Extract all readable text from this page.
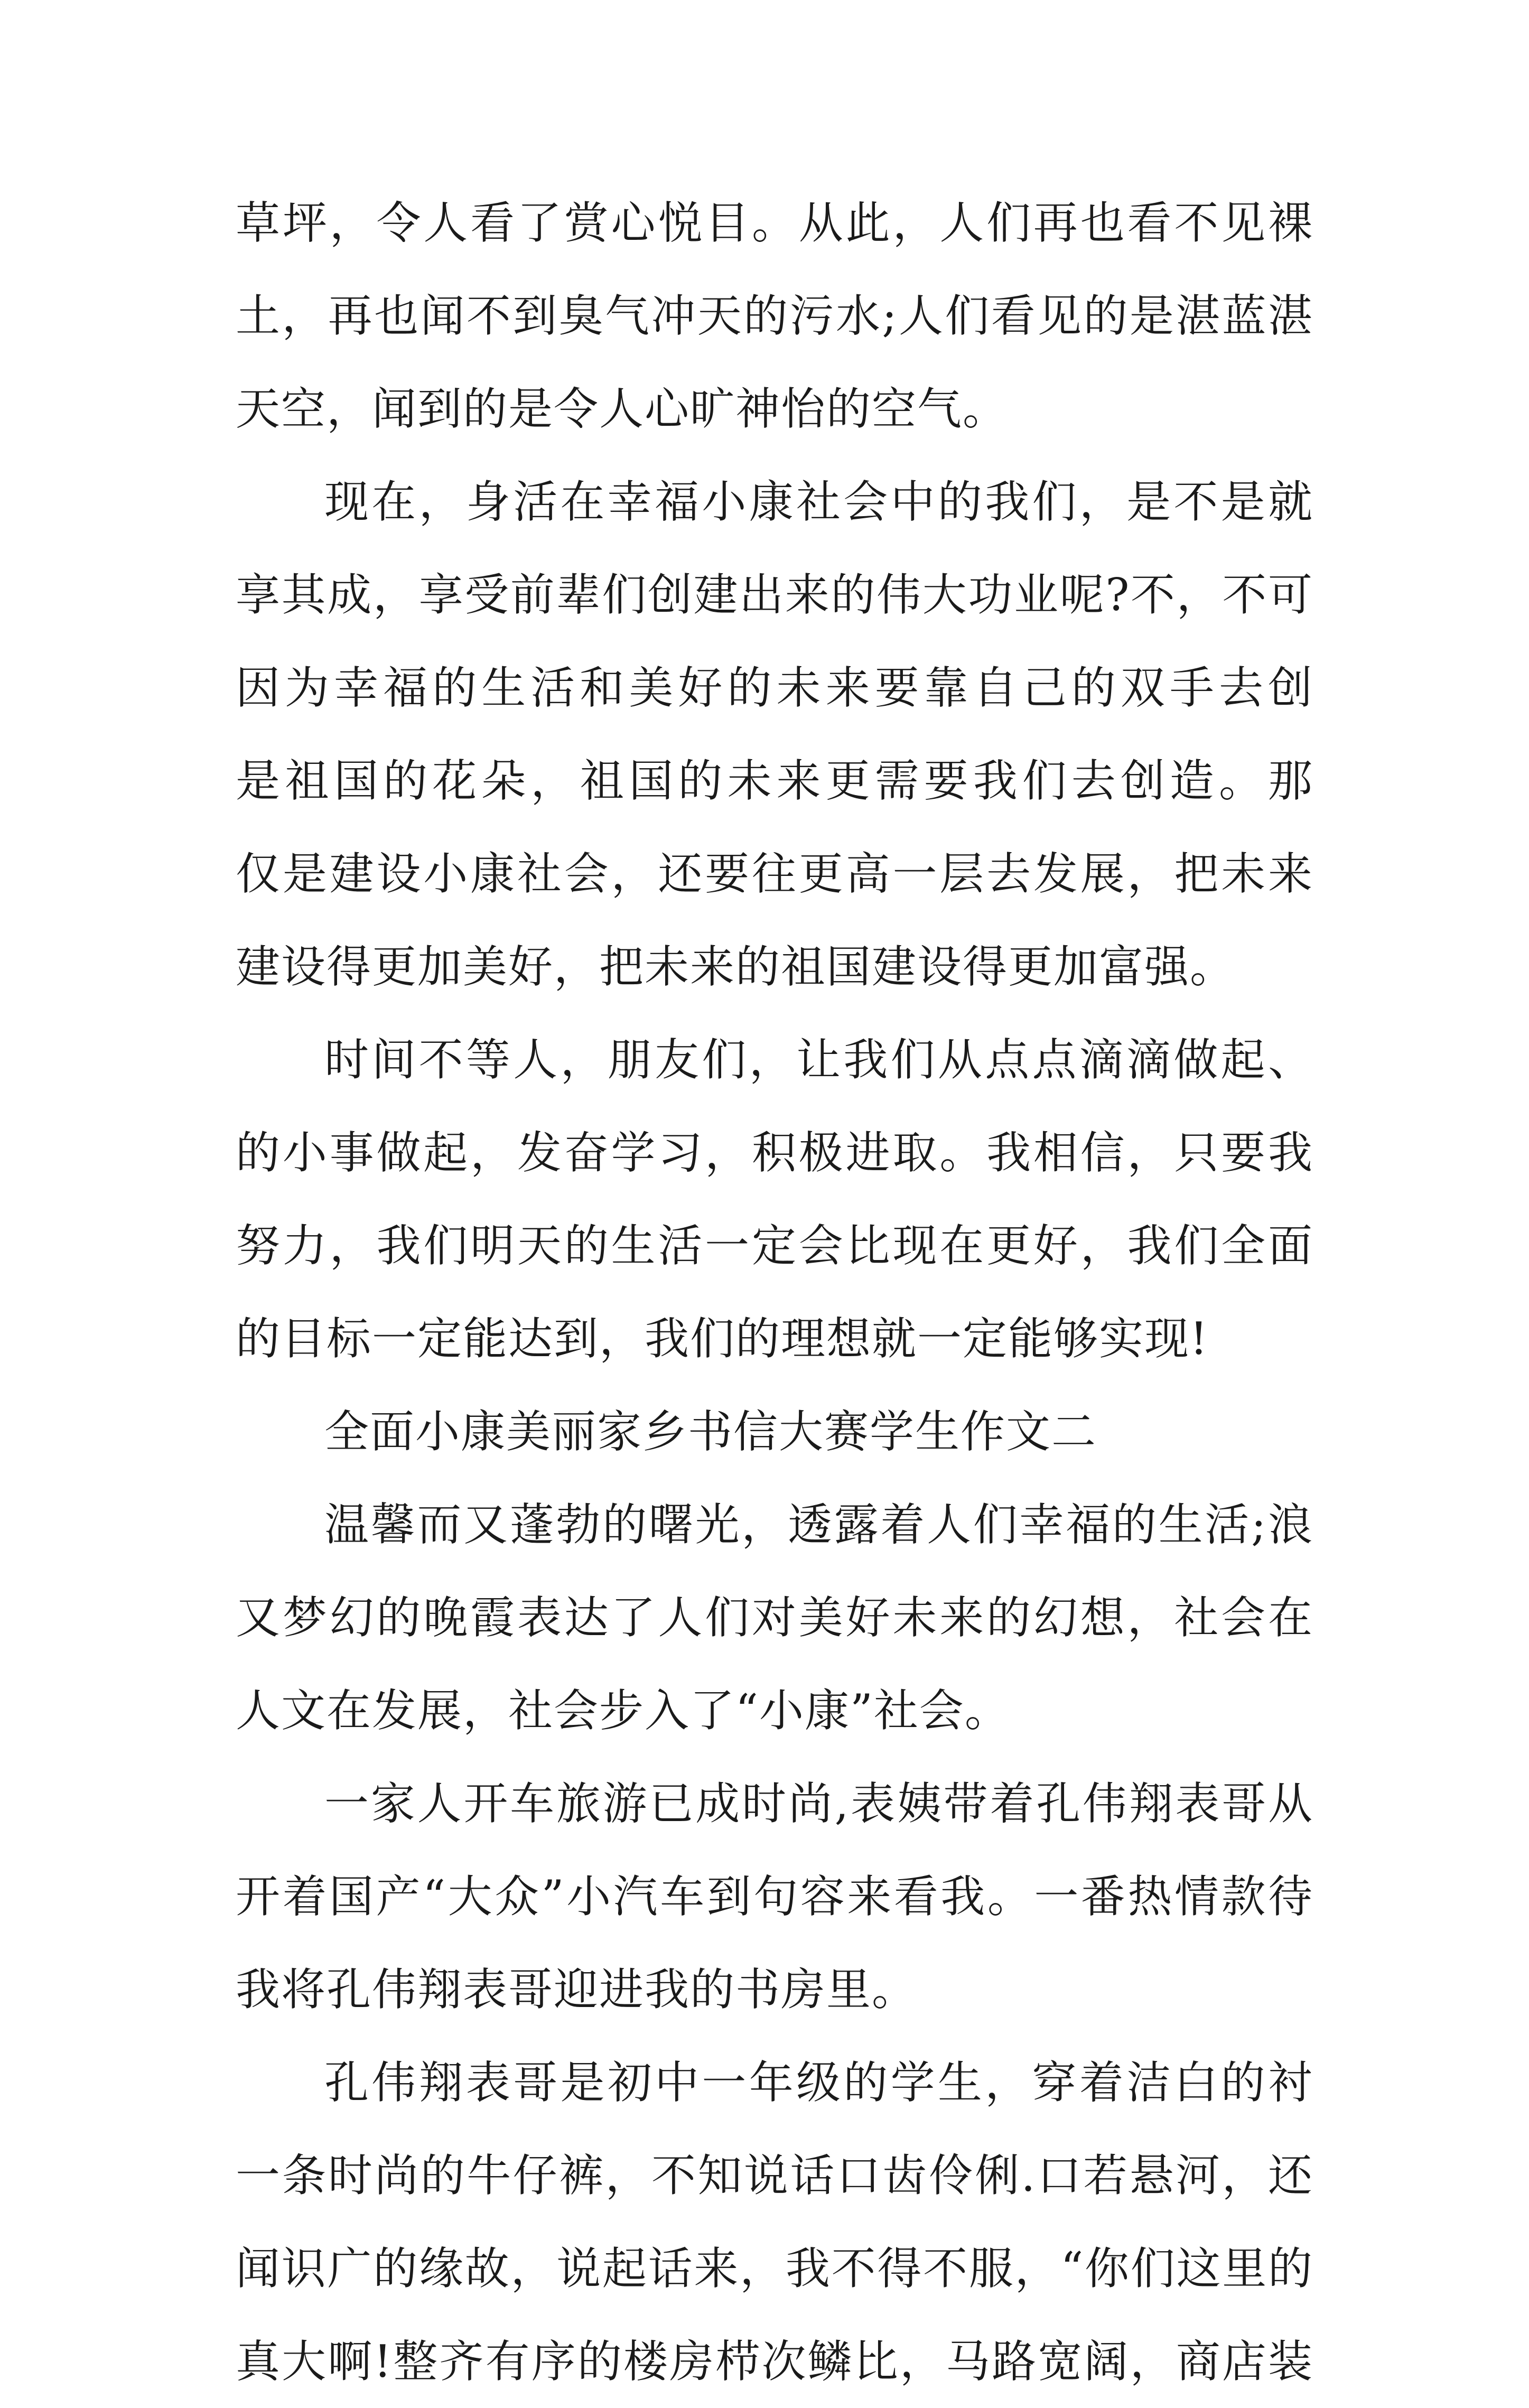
草坪，令人看了赏心悦目。从此，人们再也看不见裸
土，再也闻不到臭气冲天的污水;人们看见的是湛蓝湛
天空，闻到的是令人心旷神怡的空气。
现在，身活在幸福小康社会中的我们，是不是就
享其成，享受前辈们创建出来的伟大功业呢?不，不可
因为幸福的生活和美好的未来要靠自己的双手去创
是祖国的花朵，祖国的未来更需要我们去创造。那
仅是建设小康社会，还要往更高一层去发展，把未来
建设得更加美好，把未来的祖国建设得更加富强。
时间不等人，朋友们，让我们从点点滴滴做起、
的小事做起，发奋学习，积极进取。我相信，只要我
努力，我们明天的生活一定会比现在更好，我们全面
的目标一定能达到，我们的理想就一定能够实现!
全面小康美丽家乡书信大赛学生作文二
温馨而又蓬勃的曙光，透露着人们幸福的生活;浪
又梦幻的晚霞表达了人们对美好未来的幻想，社会在
人文在发展，社会步入了“小康”社会。
一家人开车旅游已成时尚,表姨带着孔伟翔表哥从
开着国产“大众”小汽车到句容来看我。一番热情款待
我将孔伟翔表哥迎进我的书房里。
孔伟翔表哥是初中一年级的学生，穿着洁白的衬
一条时尚的牛仔裤，不知说话口齿伶俐.口若悬河，还
闻识广的缘故，说起话来，我不得不服，“你们这里的
真大啊!整齐有序的楼房栉次鳞比，马路宽阔，商店装
